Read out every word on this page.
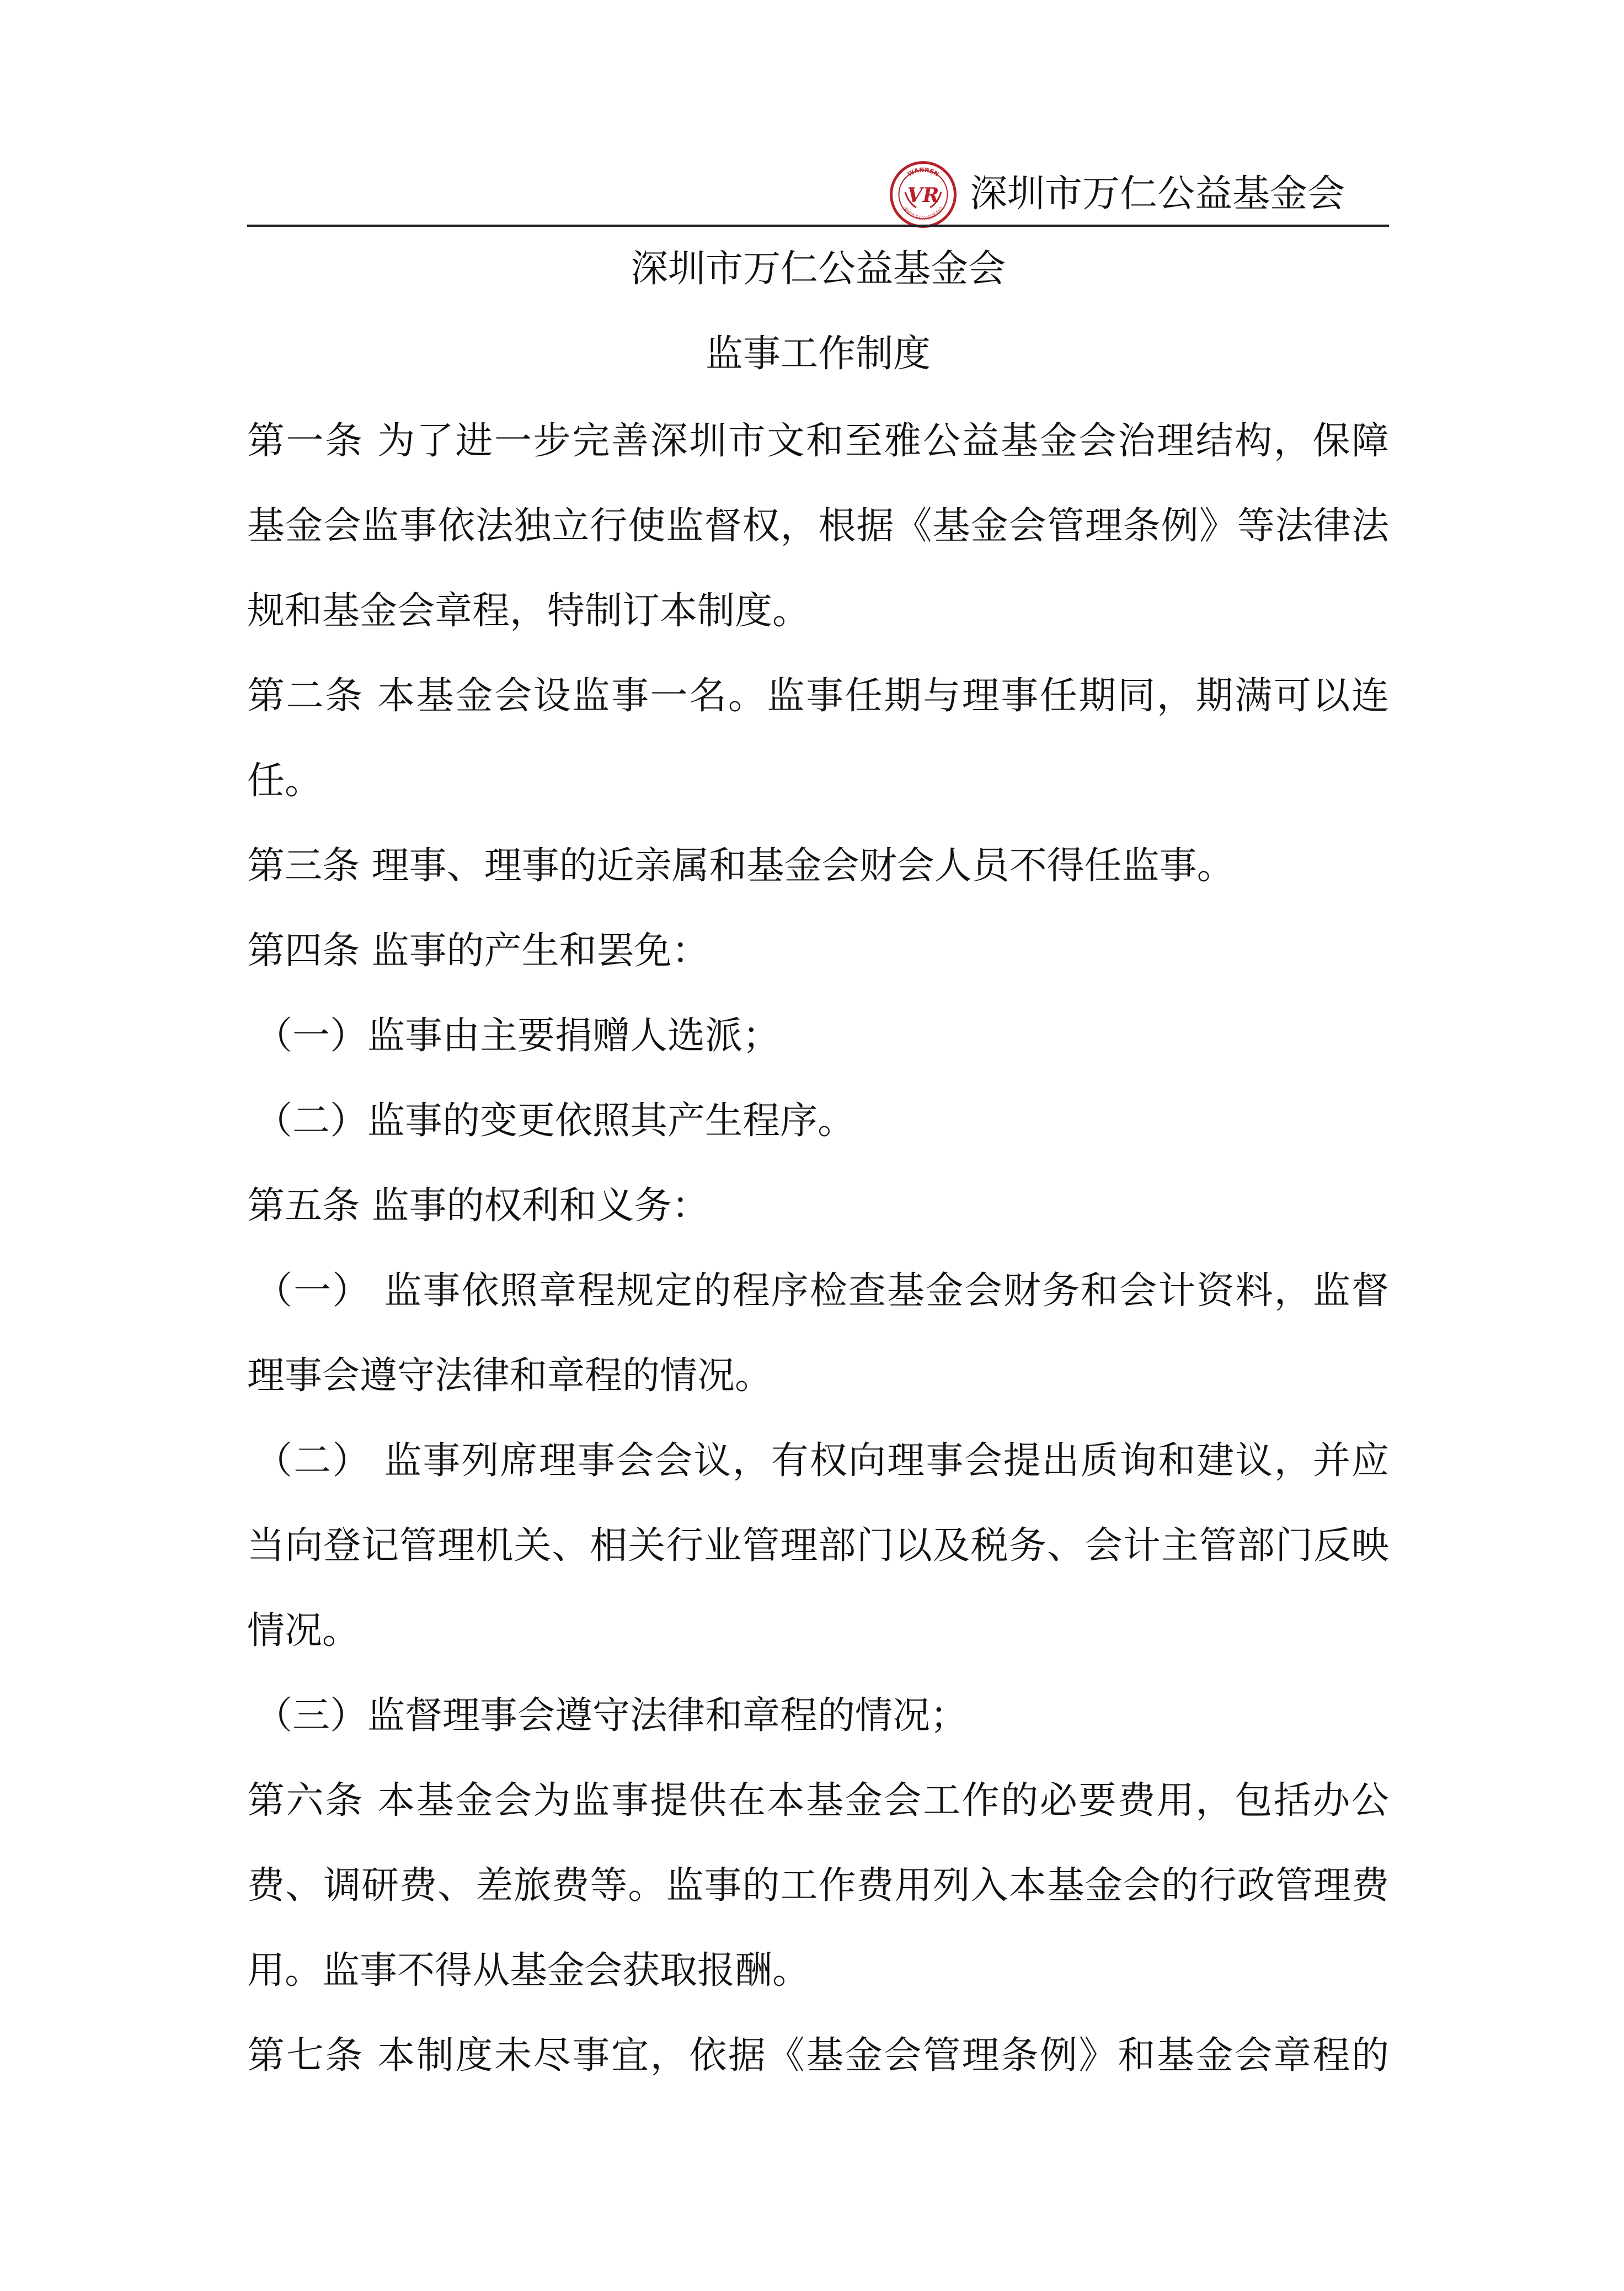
WANREN
深圳市万仁公益基金会
VR 深圳市万仁公益基金会
深圳市万仁公益基金会
监事工作制度
第一条 为了进一步完善深圳市文和至雅公益基金会治理结构，保障
基金会监事依法独立行使监督权，根据《基金会管理条例》等法律法
规和基金会章程，特制订本制度。
第二条 本基金会设监事一名。监事任期与理事任期同，期满可以连
任。
第三条 理事、理事的近亲属和基金会财会人员不得任监事。
第四条 监事的产生和罢免：
（一）监事由主要捐赠人选派；
（二）监事的变更依照其产生程序。
第五条 监事的权利和义务：
（一） 监事依照章程规定的程序检查基金会财务和会计资料，监督
理事会遵守法律和章程的情况。
（二） 监事列席理事会会议，有权向理事会提出质询和建议，并应
当向登记管理机关、相关行业管理部门以及税务、会计主管部门反映
情况。
（三）监督理事会遵守法律和章程的情况；
第六条 本基金会为监事提供在本基金会工作的必要费用，包括办公
费、调研费、差旅费等。监事的工作费用列入本基金会的行政管理费
用。监事不得从基金会获取报酬。
第七条 本制度未尽事宜，依据《基金会管理条例》和基金会章程的
